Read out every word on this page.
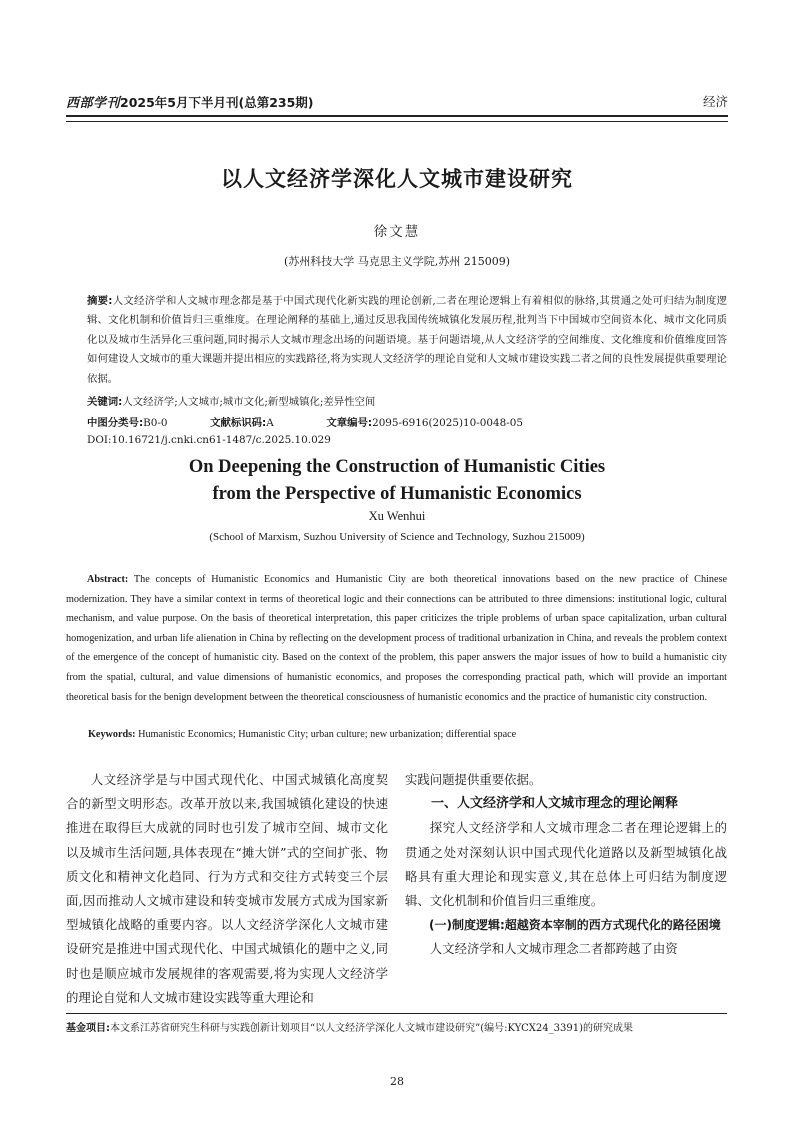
西部学刊2025年5月下半月刊(总第235期)	经济
以人文经济学深化人文城市建设研究
徐文慧
(苏州科技大学 马克思主义学院,苏州 215009)
摘要:人文经济学和人文城市理念都是基于中国式现代化新实践的理论创新,二者在理论逻辑上有着相似的脉络,其贯通之处可归结为制度逻辑、文化机制和价值旨归三重维度。在理论阐释的基础上,通过反思我国传统城镇化发展历程,批判当下中国城市空间资本化、城市文化同质化以及城市生活异化三重问题,同时揭示人文城市理念出场的问题语境。基于问题语境,从人文经济学的空间维度、文化维度和价值维度回答如何建设人文城市的重大课题并提出相应的实践路径,将为实现人文经济学的理论自觉和人文城市建设实践二者之间的良性发展提供重要理论依据。
关键词:人文经济学;人文城市;城市文化;新型城镇化;差异性空间
中图分类号:B0-0	文献标识码:A	文章编号:2095-6916(2025)10-0048-05
DOI:10.16721/j.cnki.cn61-1487/c.2025.10.029
On Deepening the Construction of Humanistic Cities
from the Perspective of Humanistic Economics
Xu Wenhui
(School of Marxism, Suzhou University of Science and Technology, Suzhou 215009)
Abstract: The concepts of Humanistic Economics and Humanistic City are both theoretical innovations based on the new practice of Chinese modernization. They have a similar context in terms of theoretical logic and their connections can be attributed to three dimensions: institutional logic, cultural mechanism, and value purpose. On the basis of theoretical interpretation, this paper criticizes the triple problems of urban space capitalization, urban cultural homogenization, and urban life alienation in China by reflecting on the development process of traditional urbanization in China, and reveals the problem context of the emergence of the concept of humanistic city. Based on the context of the problem, this paper answers the major issues of how to build a humanistic city from the spatial, cultural, and value dimensions of humanistic economics, and proposes the corresponding practical path, which will provide an important theoretical basis for the benign development between the theoretical consciousness of humanistic economics and the practice of humanistic city construction.
Keywords: Humanistic Economics; Humanistic City; urban culture; new urbanization; differential space

人文经济学是与中国式现代化、中国式城镇化高度契合的新型文明形态。改革开放以来,我国城镇化建设的快速推进在取得巨大成就的同时也引发了城市空间、城市文化以及城市生活问题,具体表现在“摊大饼”式的空间扩张、物质文化和精神文化趋同、行为方式和交往方式转变三个层面,因而推动人文城市建设和转变城市发展方式成为国家新型城镇化战略的重要内容。以人文经济学深化人文城市建设研究是推进中国式现代化、中国式城镇化的题中之义,同时也是顺应城市发展规律的客观需要,将为实现人文经济学的理论自觉和人文城市建设实践等重大理论和

实践问题提供重要依据。

一、人文经济学和人文城市理念的理论阐释

探究人文经济学和人文城市理念二者在理论逻辑上的贯通之处对深刻认识中国式现代化道路以及新型城镇化战略具有重大理论和现实意义,其在总体上可归结为制度逻辑、文化机制和价值旨归三重维度。

(一)制度逻辑:超越资本宰制的西方式现代化的路径困境

人文经济学和人文城市理念二者都跨越了由资

基金项目:本文系江苏省研究生科研与实践创新计划项目“以人文经济学深化人文城市建设研究”(编号:KYCX24_3391)的研究成果
28
